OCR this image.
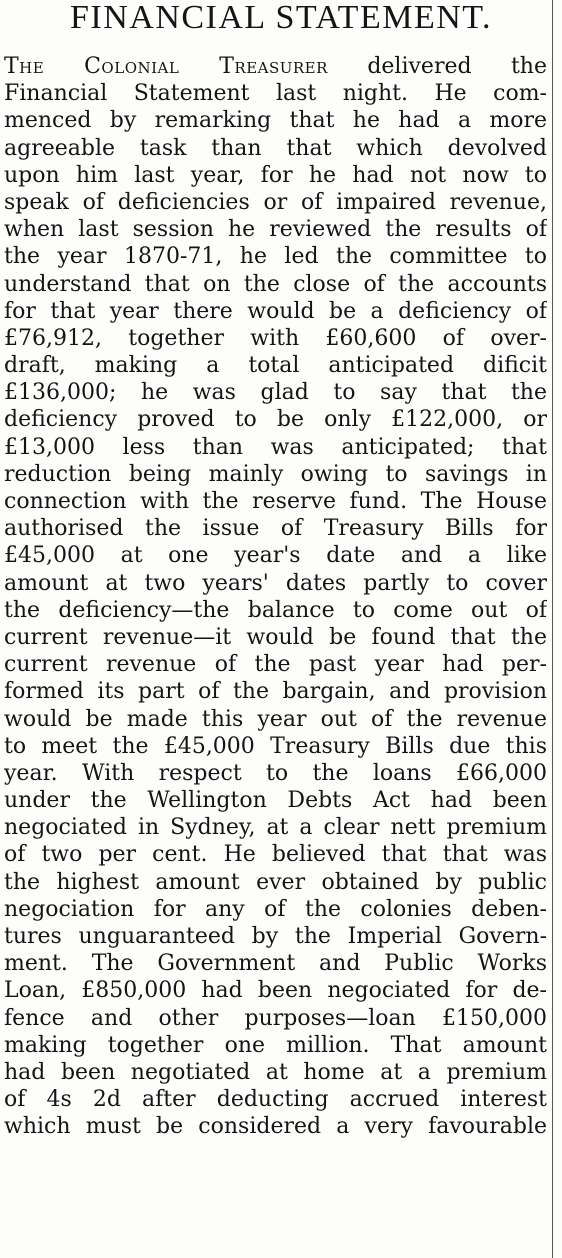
FINANCIAL STATEMENT.
The Colonial Treasurer delivered the
Financial Statement last night. He com-
menced by remarking that he had a more
agreeable task than that which devolved
upon him last year, for he had not now to
speak of deficiencies or of impaired revenue,
when last session he reviewed the results of
the year 1870-71, he led the committee to
understand that on the close of the accounts
for that year there would be a deficiency of
£76,912, together with £60,600 of over-
draft, making a total anticipated dificit
£136,000; he was glad to say that the
deficiency proved to be only £122,000, or
£13,000 less than was anticipated; that
reduction being mainly owing to savings in
connection with the reserve fund. The House
authorised the issue of Treasury Bills for
£45,000 at one year's date and a like
amount at two years' dates partly to cover
the deficiency—the balance to come out of
current revenue—it would be found that the
current revenue of the past year had per-
formed its part of the bargain, and provision
would be made this year out of the revenue
to meet the £45,000 Treasury Bills due this
year. With respect to the loans £66,000
under the Wellington Debts Act had been
negociated in Sydney, at a clear nett premium
of two per cent. He believed that that was
the highest amount ever obtained by public
negociation for any of the colonies deben-
tures unguaranteed by the Imperial Govern-
ment. The Government and Public Works
Loan, £850,000 had been negociated for de-
fence and other purposes—loan £150,000
making together one million. That amount
had been negotiated at home at a premium
of 4s 2d after deducting accrued interest
which must be considered a very favourable
